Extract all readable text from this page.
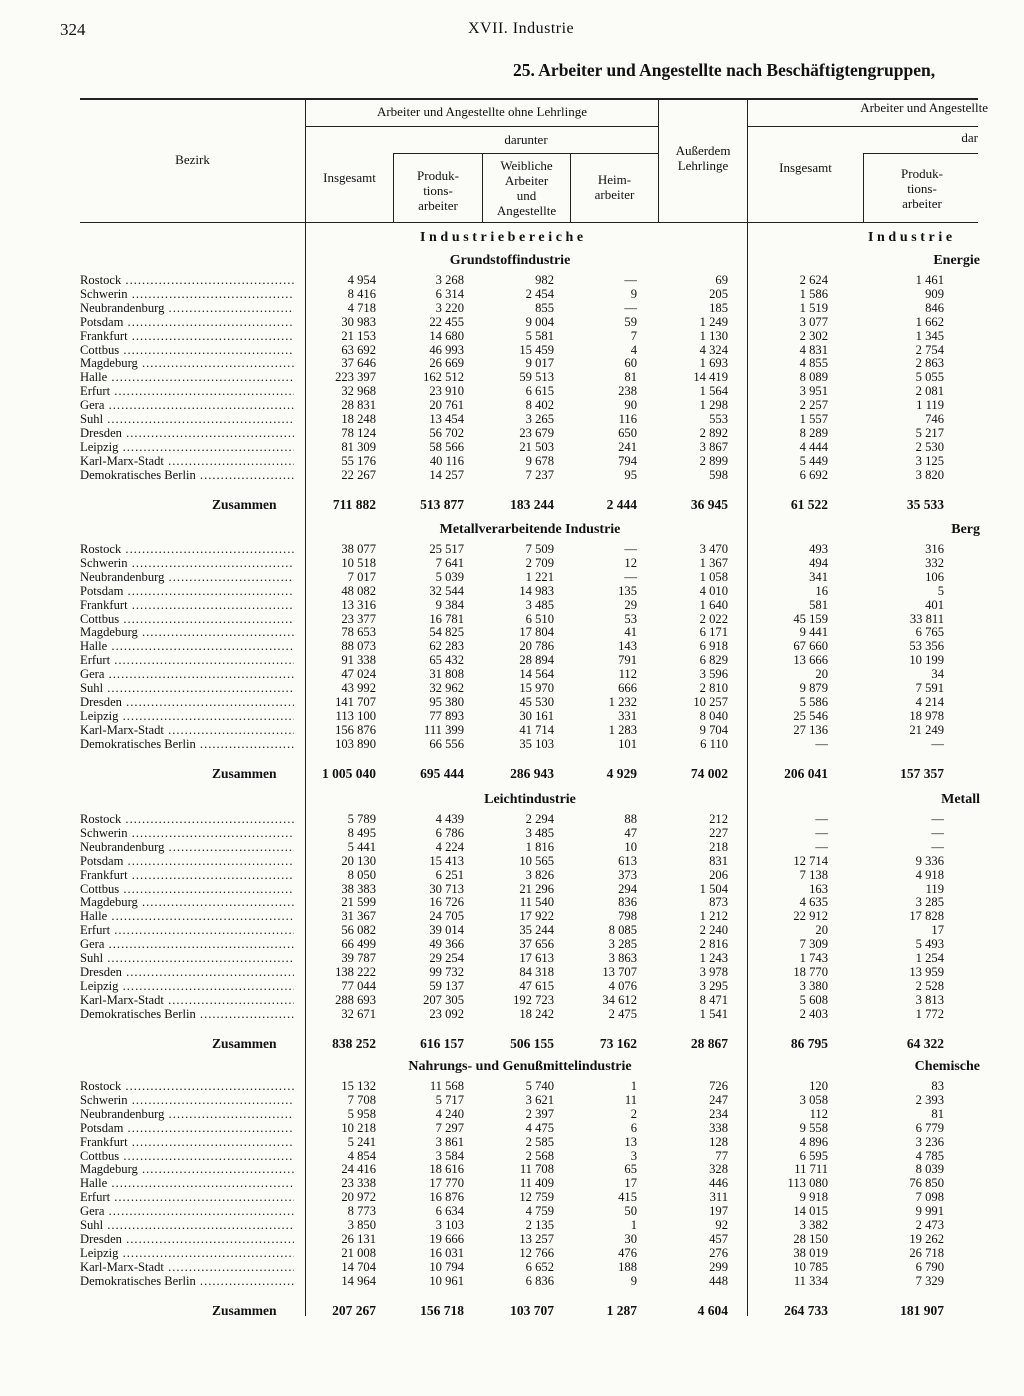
324	XVII. Industrie
25. Arbeiter und Angestellte nach Beschäftigtengruppen,
Bezirk
Arbeiter und Angestellte ohne Lehrlinge
darunter
Insgesamt	Produk-
tions-
arbeiter
Weibliche
Arbeiter
und
Angestellte
Heim-
arbeiter
Außerdem
Lehrlinge
Arbeiter und Angestellte
dar
Insgesamt	Produk-
tions-
arbeiter
Industriebereiche	Industrie
Grundstoffindustrie	Energie
Rostock .....	4 954	3 268	982	—	69	2 624	1 461
Schwerin .....	8 416	6 314	2 454	9	205	1 586	909
Neubrandenburg .....	4 718	3 220	855	—	185	1 519	846
Potsdam .....	30 983	22 455	9 004	59	1 249	3 077	1 662
Frankfurt .....	21 153	14 680	5 581	7	1 130	2 302	1 345
Cottbus .....	63 692	46 993	15 459	4	4 324	4 831	2 754
Magdeburg .....	37 646	26 669	9 017	60	1 693	4 855	2 863
Halle .....	223 397	162 512	59 513	81	14 419	8 089	5 055
Erfurt .....	32 968	23 910	6 615	238	1 564	3 951	2 081
Gera .....	28 831	20 761	8 402	90	1 298	2 257	1 119
Suhl .....	18 248	13 454	3 265	116	553	1 557	746
Dresden .....	78 124	56 702	23 679	650	2 892	8 289	5 217
Leipzig .....	81 309	58 566	21 503	241	3 867	4 444	2 530
Karl-Marx-Stadt .....	55 176	40 116	9 678	794	2 899	5 449	3 125
Demokratisches Berlin .....	22 267	14 257	7 237	95	598	6 692	3 820
Zusammen	711 882	513 877	183 244	2 444	36 945	61 522	35 533
Metallverarbeitende Industrie	Berg
Rostock .....	38 077	25 517	7 509	—	3 470	493	316
Schwerin .....	10 518	7 641	2 709	12	1 367	494	332
Neubrandenburg .....	7 017	5 039	1 221	—	1 058	341	106
Potsdam .....	48 082	32 544	14 983	135	4 010	16	5
Frankfurt .....	13 316	9 384	3 485	29	1 640	581	401
Cottbus .....	23 377	16 781	6 510	53	2 022	45 159	33 811
Magdeburg .....	78 653	54 825	17 804	41	6 171	9 441	6 765
Halle .....	88 073	62 283	20 786	143	6 918	67 660	53 356
Erfurt .....	91 338	65 432	28 894	791	6 829	13 666	10 199
Gera .....	47 024	31 808	14 564	112	3 596	20	34
Suhl .....	43 992	32 962	15 970	666	2 810	9 879	7 591
Dresden .....	141 707	95 380	45 530	1 232	10 257	5 586	4 214
Leipzig .....	113 100	77 893	30 161	331	8 040	25 546	18 978
Karl-Marx-Stadt .....	156 876	111 399	41 714	1 283	9 704	27 136	21 249
Demokratisches Berlin .....	103 890	66 556	35 103	101	6 110	—	—
Zusammen	1 005 040	695 444	286 943	4 929	74 002	206 041	157 357
Leichtindustrie	Metall
Rostock .....	5 789	4 439	2 294	88	212	—	—
Schwerin .....	8 495	6 786	3 485	47	227	—	—
Neubrandenburg .....	5 441	4 224	1 816	10	218	—	—
Potsdam .....	20 130	15 413	10 565	613	831	12 714	9 336
Frankfurt .....	8 050	6 251	3 826	373	206	7 138	4 918
Cottbus .....	38 383	30 713	21 296	294	1 504	163	119
Magdeburg .....	21 599	16 726	11 540	836	873	4 635	3 285
Halle .....	31 367	24 705	17 922	798	1 212	22 912	17 828
Erfurt .....	56 082	39 014	35 244	8 085	2 240	20	17
Gera .....	66 499	49 366	37 656	3 285	2 816	7 309	5 493
Suhl .....	39 787	29 254	17 613	3 863	1 243	1 743	1 254
Dresden .....	138 222	99 732	84 318	13 707	3 978	18 770	13 959
Leipzig .....	77 044	59 137	47 615	4 076	3 295	3 380	2 528
Karl-Marx-Stadt .....	288 693	207 305	192 723	34 612	8 471	5 608	3 813
Demokratisches Berlin .....	32 671	23 092	18 242	2 475	1 541	2 403	1 772
Zusammen	838 252	616 157	506 155	73 162	28 867	86 795	64 322
Nahrungs- und Genußmittelindustrie	Chemische
Rostock .....	15 132	11 568	5 740	1	726	120	83
Schwerin .....	7 708	5 717	3 621	11	247	3 058	2 393
Neubrandenburg .....	5 958	4 240	2 397	2	234	112	81
Potsdam .....	10 218	7 297	4 475	6	338	9 558	6 779
Frankfurt .....	5 241	3 861	2 585	13	128	4 896	3 236
Cottbus .....	4 854	3 584	2 568	3	77	6 595	4 785
Magdeburg .....	24 416	18 616	11 708	65	328	11 711	8 039
Halle .....	23 338	17 770	11 409	17	446	113 080	76 850
Erfurt .....	20 972	16 876	12 759	415	311	9 918	7 098
Gera .....	8 773	6 634	4 759	50	197	14 015	9 991
Suhl .....	3 850	3 103	2 135	1	92	3 382	2 473
Dresden .....	26 131	19 666	13 257	30	457	28 150	19 262
Leipzig .....	21 008	16 031	12 766	476	276	38 019	26 718
Karl-Marx-Stadt .....	14 704	10 794	6 652	188	299	10 785	6 790
Demokratisches Berlin .....	14 964	10 961	6 836	9	448	11 334	7 329
Zusammen	207 267	156 718	103 707	1 287	4 604	264 733	181 907
